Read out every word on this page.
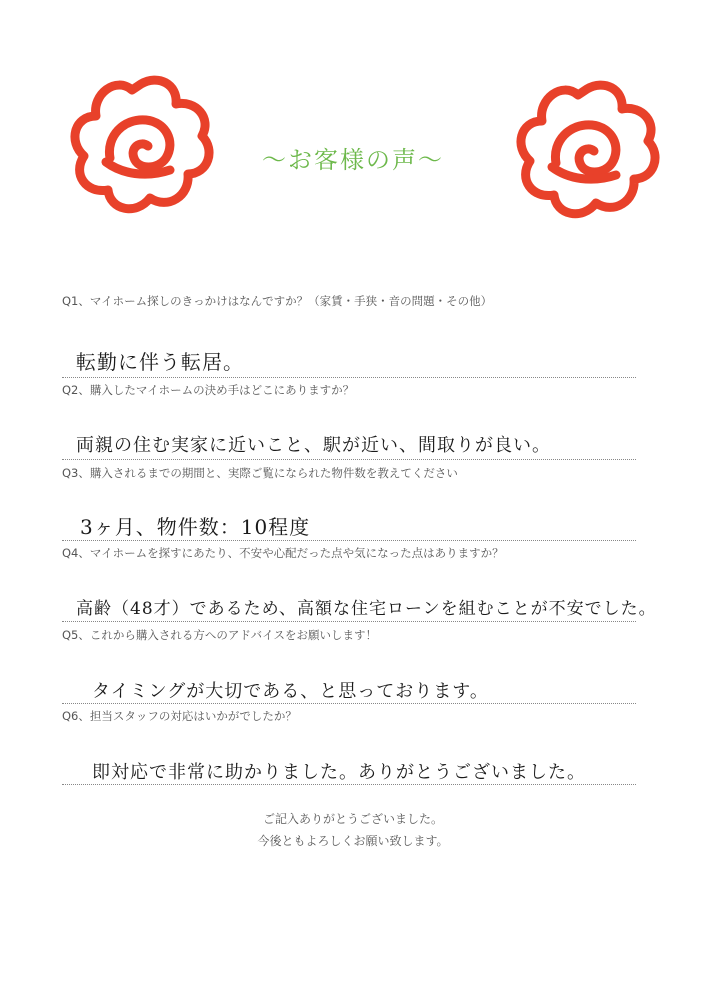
～お客様の声～
Q1、マイホーム探しのきっかけはなんですか？（家賃・手狭・音の問題・その他）
転勤に伴う転居。
Q2、購入したマイホームの決め手はどこにありますか？
両親の住む実家に近いこと、駅が近い、間取りが良い。
Q3、購入されるまでの期間と、実際ご覧になられた物件数を教えてください
3ヶ月、物件数：10程度
Q4、マイホームを探すにあたり、不安や心配だった点や気になった点はありますか？
高齢（48才）であるため、高額な住宅ローンを組むことが不安でした。
Q5、これから購入される方へのアドバイスをお願いします！
タイミングが大切である、と思っております。
Q6、担当スタッフの対応はいかがでしたか？
即対応で非常に助かりました。ありがとうございました。
ご記入ありがとうございました。
今後ともよろしくお願い致します。
